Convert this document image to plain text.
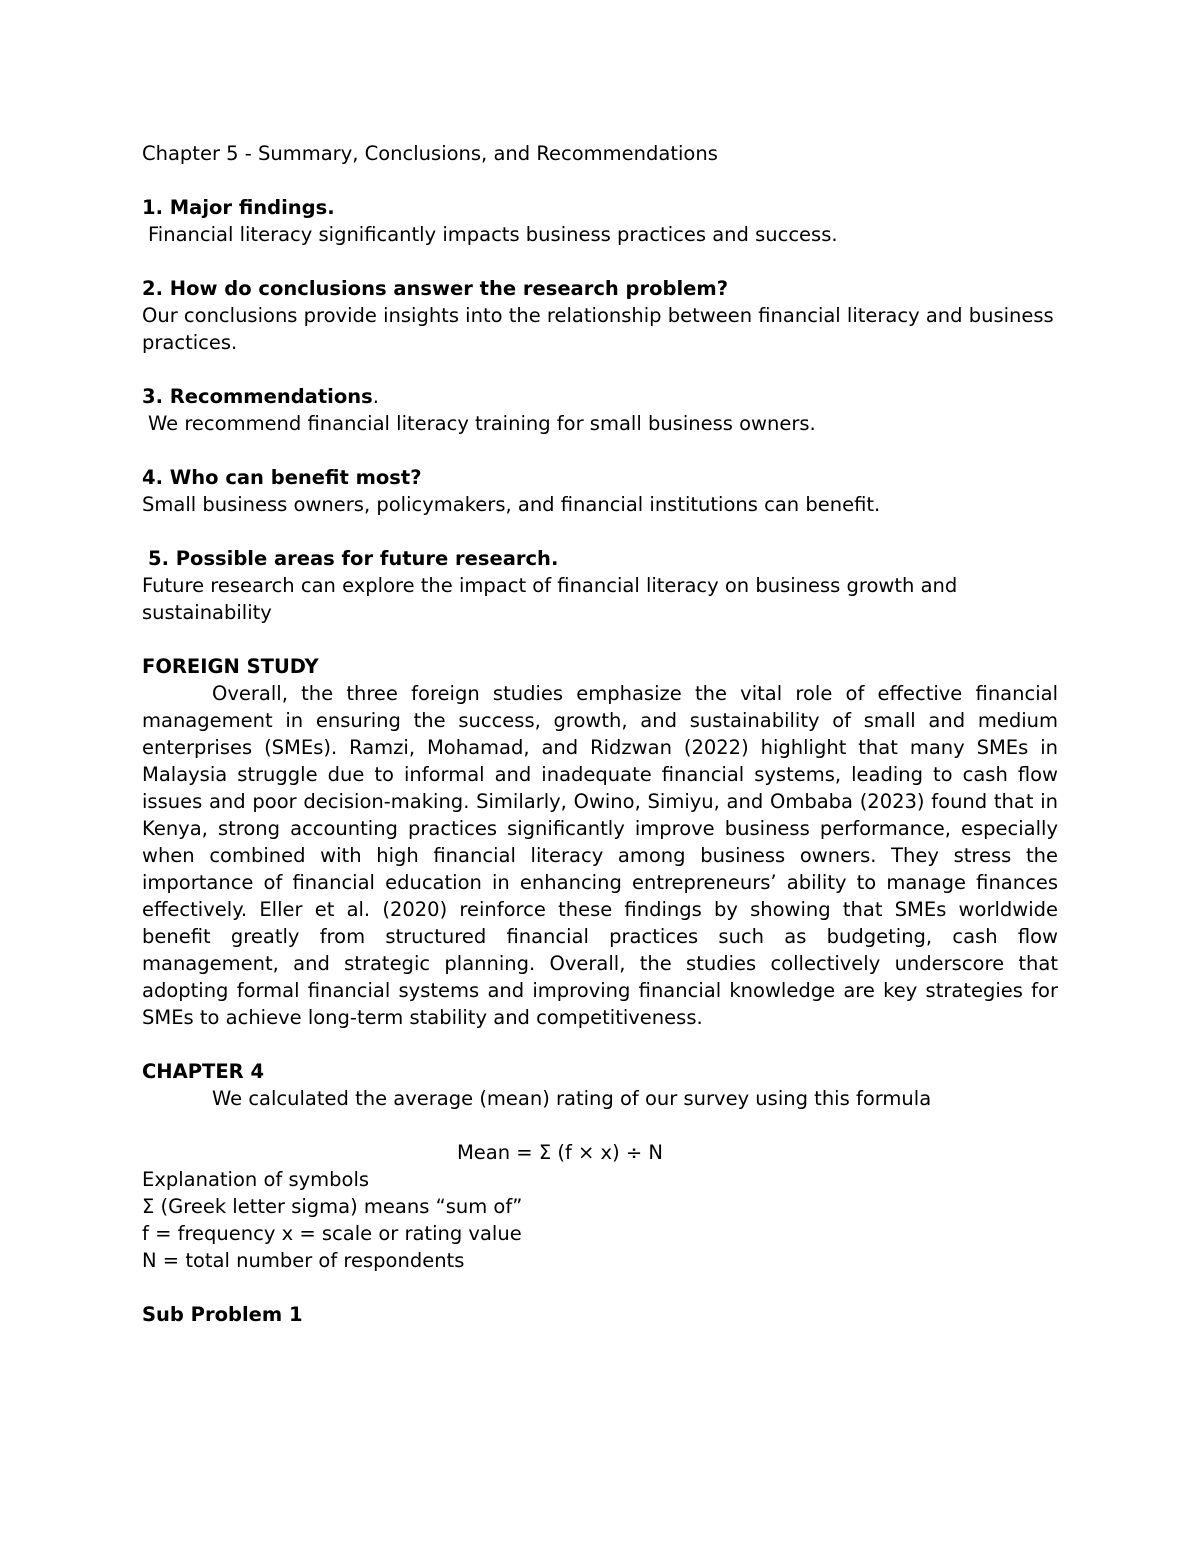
Chapter 5 - Summary, Conclusions, and Recommendations

1. Major findings.

Financial literacy significantly impacts business practices and success.

2. How do conclusions answer the research problem?

Our conclusions provide insights into the relationship between financial literacy and business practices.

3. Recommendations.

We recommend financial literacy training for small business owners.

4. Who can benefit most?

Small business owners, policymakers, and financial institutions can benefit.

5. Possible areas for future research.

Future research can explore the impact of financial literacy on business growth and sustainability

FOREIGN STUDY

Overall, the three foreign studies emphasize the vital role of effective financial management in ensuring the success, growth, and sustainability of small and medium enterprises (SMEs). Ramzi, Mohamad, and Ridzwan (2022) highlight that many SMEs in Malaysia struggle due to informal and inadequate financial systems, leading to cash flow issues and poor decision-making. Similarly, Owino, Simiyu, and Ombaba (2023) found that in Kenya, strong accounting practices significantly improve business performance, especially when combined with high financial literacy among business owners. They stress the importance of financial education in enhancing entrepreneurs’ ability to manage finances effectively. Eller et al. (2020) reinforce these findings by showing that SMEs worldwide benefit greatly from structured financial practices such as budgeting, cash flow management, and strategic planning. Overall, the studies collectively underscore that adopting formal financial systems and improving financial knowledge are key strategies for SMEs to achieve long-term stability and competitiveness.

CHAPTER 4

We calculated the average (mean) rating of our survey using this formula

Mean = Σ (f × x) ÷ N

Explanation of symbols

Σ (Greek letter sigma) means “sum of”

f = frequency x = scale or rating value

N = total number of respondents

Sub Problem 1
